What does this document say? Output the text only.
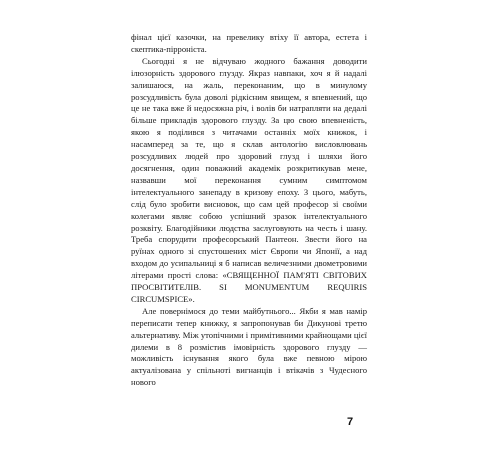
фінал цієї казочки, на превелику втіху її автора, естета і скептика-пірроніста.

Сьогодні я не відчуваю жодного бажання доводити ілюзорність здорового глузду. Якраз навпаки, хоч я й надалі залишаюся, на жаль, переконаним, що в минулому розсудливість була доволі рідкісним явищем, я впевнений, що це не така вже й недосяжна річ, і волів би натрапляти на дедалі більше прикладів здорового глузду. За цю свою впевненість, якою я поділився з читачами останніх моїх книжок, і насамперед за те, що я склав антологію висловлювань розсудливих людей про здоровий глузд і шляхи його досягнення, один поважний академік розкритикував мене, назвавши мої переконання сумним симптомом інтелектуального занепаду в кризову епоху. З цього, мабуть, слід було зробити висновок, що сам цей професор зі своїми колегами являє собою успішний зразок інтелектуального розквіту. Благодійники людства заслуговують на честь і шану. Треба спорудити професорський Пантеон. Звести його на руїнах одного зі спустошених міст Європи чи Японії, а над входом до усипальниці я б написав величезними двометровими літерами прості слова: «СВЯЩЕННОЇ ПАМ'ЯТІ СВІТОВИХ ПРОСВІТИТЕЛІВ. SI MONUMENTUM REQUIRIS CIRCUMSPICE».

Але повернімося до теми майбутнього... Якби я мав намір переписати тепер книжку, я запропонував би Дикунові третю альтернативу. Між утопічними і примітивними крайнощами цієї дилеми в 8 розмістив імовірність здорового глузду — можливість існування якого була вже певною мірою актуалізована у спільноті вигнанців і втікачів з Чудесного нового

7
